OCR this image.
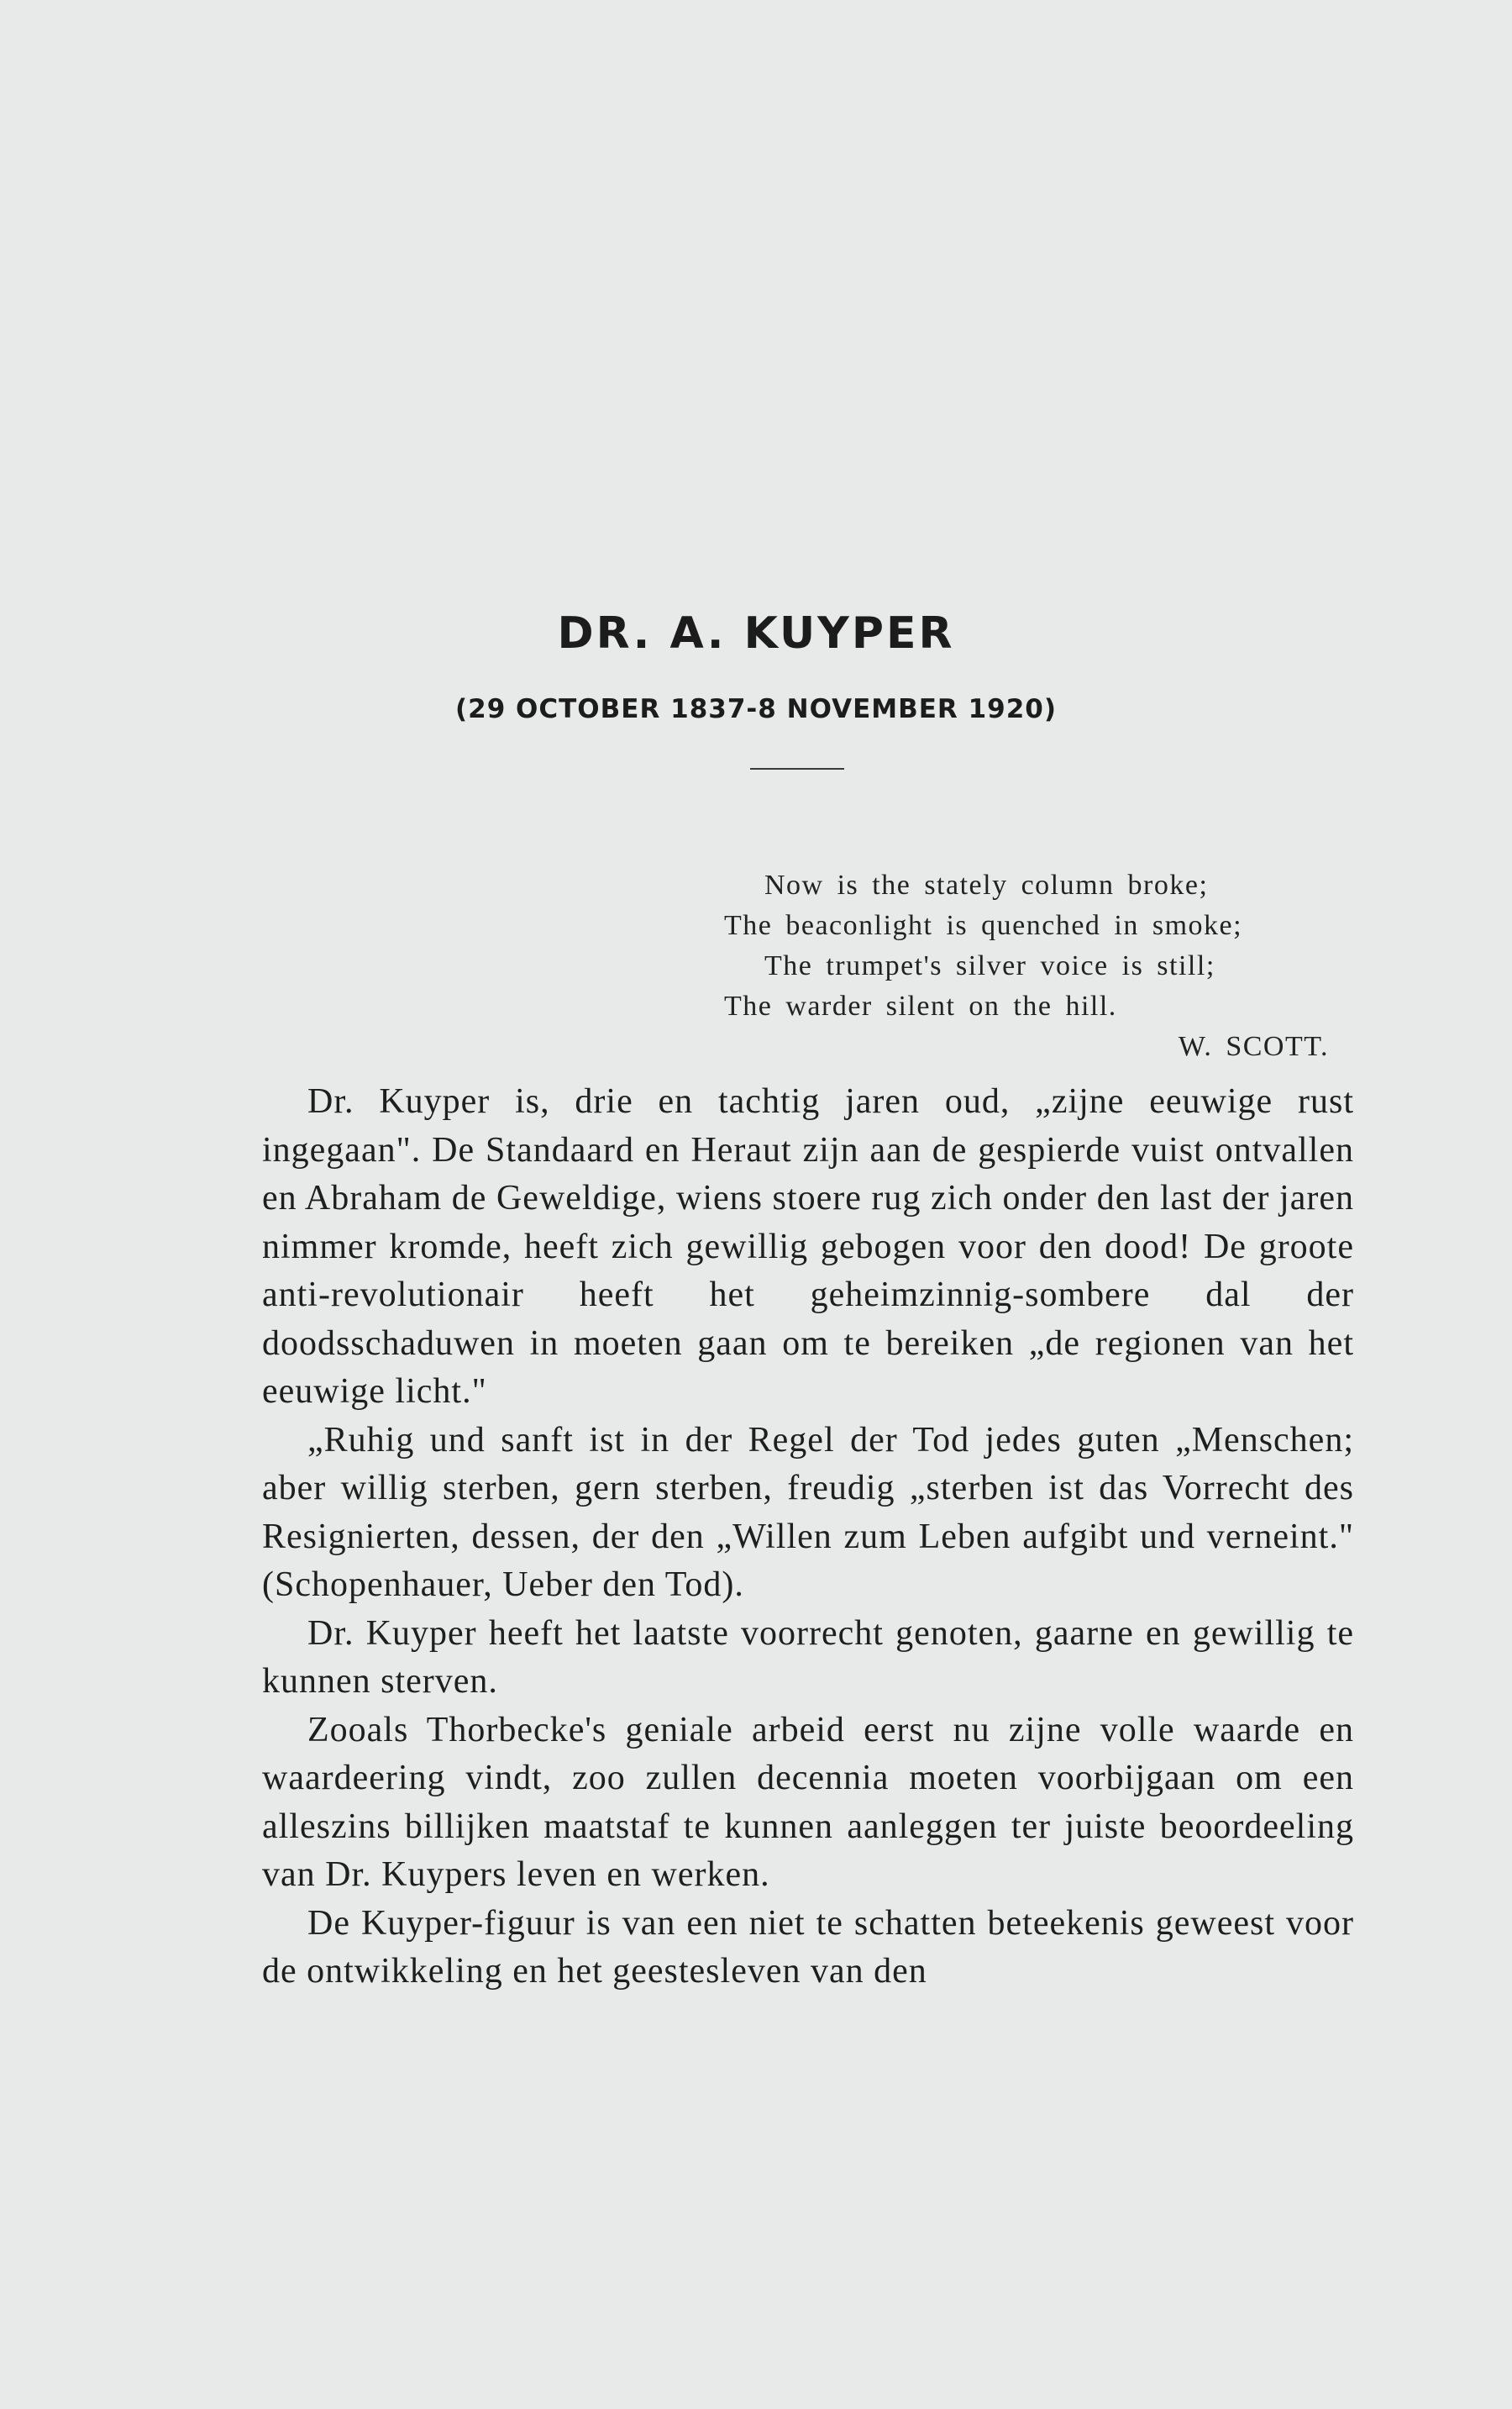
DR. A. KUYPER
(29 OCTOBER 1837-8 NOVEMBER 1920)
Now is the stately column broke;
The beaconlight is quenched in smoke;
The trumpet's silver voice is still;
The warder silent on the hill.
W. SCOTT.

Dr. Kuyper is, drie en tachtig jaren oud, „zijne eeuwige rust ingegaan". De Standaard en Heraut zijn aan de gespierde vuist ontvallen en Abraham de Geweldige, wiens stoere rug zich onder den last der jaren nimmer kromde, heeft zich gewillig gebogen voor den dood! De groote anti-revolutionair heeft het geheimzinnig-sombere dal der doodsschaduwen in moeten gaan om te bereiken „de regionen van het eeuwige licht."

„Ruhig und sanft ist in der Regel der Tod jedes guten „Menschen; aber willig sterben, gern sterben, freudig „sterben ist das Vorrecht des Resignierten, dessen, der den „Willen zum Leben aufgibt und verneint." (Schopenhauer, Ueber den Tod).

Dr. Kuyper heeft het laatste voorrecht genoten, gaarne en gewillig te kunnen sterven.

Zooals Thorbecke's geniale arbeid eerst nu zijne volle waarde en waardeering vindt, zoo zullen decennia moeten voorbijgaan om een alleszins billijken maatstaf te kunnen aanleggen ter juiste beoordeeling van Dr. Kuypers leven en werken.

De Kuyper-figuur is van een niet te schatten beteekenis geweest voor de ontwikkeling en het geestesleven van den
